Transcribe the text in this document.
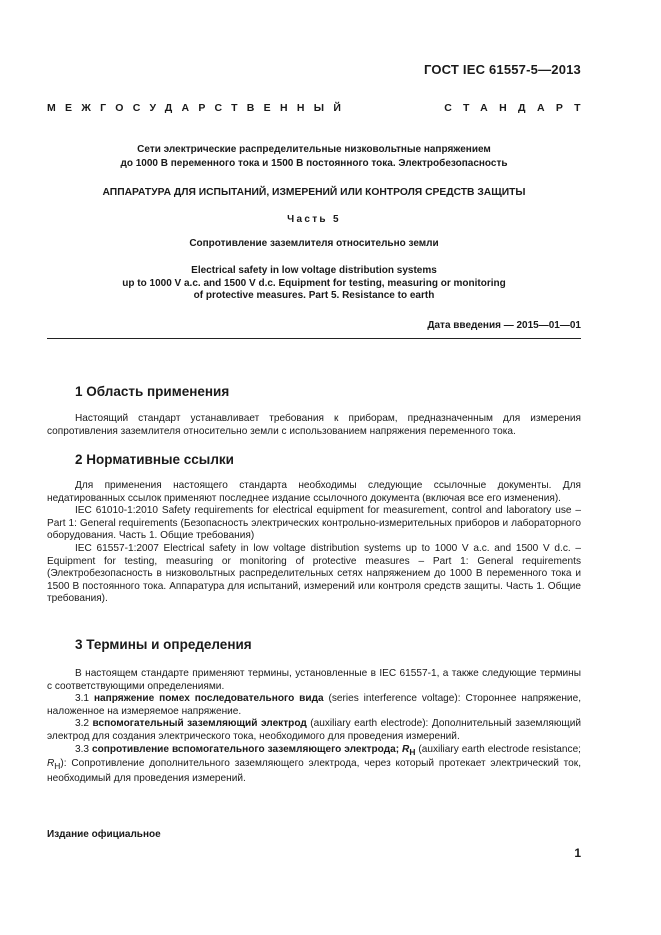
ГОСТ IEC 61557-5—2013
МЕЖГОСУДАРСТВЕННЫЙ	СТАНДАРТ
Сети электрические распределительные низковольтные напряжением
до 1000 В переменного тока и 1500 В постоянного тока. Электробезопасность
АППАРАТУРА ДЛЯ ИСПЫТАНИЙ, ИЗМЕРЕНИЙ ИЛИ КОНТРОЛЯ СРЕДСТВ ЗАЩИТЫ
Часть 5
Сопротивление заземлителя относительно земли
Electrical safety in low voltage distribution systems
up to 1000 V a.c. and 1500 V d.c. Equipment for testing, measuring or monitoring
of protective measures. Part 5. Resistance to earth
Дата введения — 2015—01—01
1 Область применения

Настоящий стандарт устанавливает требования к приборам, предназначенным для измерения сопротивления заземлителя относительно земли с использованием напряжения переменного тока.

2 Нормативные ссылки

Для применения настоящего стандарта необходимы следующие ссылочные документы. Для недатированных ссылок применяют последнее издание ссылочного документа (включая все его изменения).

IEC 61010-1:2010 Safety requirements for electrical equipment for measurement, control and laboratory use – Part 1: General requirements (Безопасность электрических контрольно-измерительных приборов и лабораторного оборудования. Часть 1. Общие требования)

IEC 61557-1:2007 Electrical safety in low voltage distribution systems up to 1000 V a.c. and 1500 V d.c. – Equipment for testing, measuring or monitoring of protective measures – Part 1: General requirements (Электробезопасность в низковольтных распределительных сетях напряжением до 1000 В переменного тока и 1500 В постоянного тока. Аппаратура для испытаний, измерений или контроля средств защиты. Часть 1. Общие требования).

3 Термины и определения

В настоящем стандарте применяют термины, установленные в IEC 61557-1, а также следующие термины с соответствующими определениями.

3.1 напряжение помех последовательного вида (series interference voltage): Стороннее напряжение, наложенное на измеряемое напряжение.

3.2 вспомогательный заземляющий электрод (auxiliary earth electrode): Дополнительный заземляющий электрод для создания электрического тока, необходимого для проведения измерений.

3.3 сопротивление вспомогательного заземляющего электрода; $R_H$ (auxiliary earth electrode resistance; $R_H$): Сопротивление дополнительного заземляющего электрода, через который протекает электрический ток, необходимый для проведения измерений.

Издание официальное
1
